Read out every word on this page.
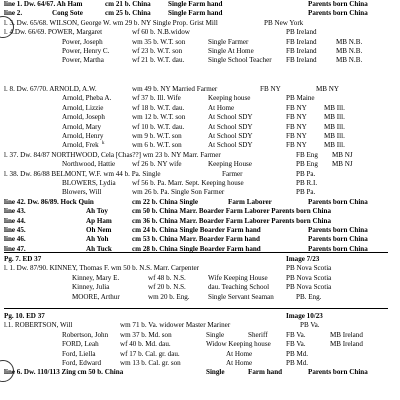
line 1. Dw. 64/67. Ah Ham	cm 21 b. China Single Farm hand	Parents born China
line 2.	Cong Sote	cm 25 b. China Single Farm hand	Parents born China
l. 3. Dw. 65/68. WILSON, George W. wm 29 b. NY Single Prop. Grist Mill	PB New York
l. 4.Dw. 66/69. POWER, Margaret	wf 60 b. N.B.widow	PB Ireland
Power, Joseph	wm 35 b. W.T. son	Single Farmer	FB Ireland	MB N.B.
Power, Henry C.	wf 23 b. W.T. son	Single At Home	FB Ireland	MB N.B.
Power, Martha	wf 21 b. W.T. dau.	Single School Teacher FB Ireland	MB N.B.
l. 8. Dw. 67/70. ARNOLD, A.W.	wm 49 b. NY Married Farmer	FB NY	MB NY
Arnold, Pheba A.	wf 37 b. Ill. Wife	Keeping house	PB Maine
Arnold, Lizzie	wf 18 b. W.T. dau.	At Home	FB NY MB Ill.
Arnold, Joseph	wm 12 b. W.T. son	At School SDY	FB NY MB Ill.
Arnold, Mary	wf 10 b. W.T. dau.	At School SDY	FB NY MB Ill.
Arnold, Henry	wm 9 b. W.T. son	At School SDY	FB NY MB Ill.
Arnold, Frek k	wm 6 b. W.T. son	At School SDY	FB NY MB Ill.
l. 37. Dw. 84/87 NORTHWOOD, Cela [Chas??] wm 23 b. NY Marr. Farmer	FB Eng MB NJ
Northwood, Hattie wf 26 b. NY wife	Keeping House	PB Eng MB NJ
l. 38. Dw. 86/88 BELMONT, W.F. wm 44 b. Pa. Single	Farmer	PB Pa.
BLOWERS, Lydia wf 56 b. Pa. Marr. Sept. Keeping house	PB R.I.
Blowers, Will	wm 26 b. Pa. Single Son Farmer	PB Pa.
line 42. Dw. 86/89. Hock Quin	cm 22 b. China Single	Farm Laborer	Parents born China
line 43.	Ah Toy	cm 50 b. China Marr. Boarder Farm Laborer Parents born China
line 44.	Ap Ham	cm 36 b. China Marr. Boarder Farm Laborer Parents born China
line 45.	Oh Nem	cm 24 b. China Single Boarder Farm hand	Parents born China
line 46.	Ah Yoh	cm 53 b. China Marr. Boarder Farm hand	Parents born China
line 47.	Ah Tuck	cm 28 b. China Single Boarder Farm hand	Parents born China
Pg. 7. ED 37	Image 7/23
l. 1. Dw. 87/90. KINNEY, Thomas F. wm 50 b. N.S. Marr. Carpenter	PB Nova Scotia
Kinney, Mary E.	wf 48 b. N.S.	Wife Keeping House	PB Nova Scotia
Kinney, Julia	wf 20 b. N.S.	dau. Teaching School PB Nova Scotia
MOORE, Arthur	wm 20 b. Eng.	Single Servant Seaman	PB. Eng.
Pg. 10. ED 37	Image 10/23
l.1. ROBERTSON, Will	wm 71 b. Va. widower Master Mariner	PB Va.
Robertson, John wm 37 b. Md. son	Single	Sheriff	FB Va.	MB Ireland
FORD, Leah	wf 40 b. Md. dau.	Widow Keeping house FB Va.	MB Ireland
Ford, Liella	wf 17 b. Cal. gr. dau.	At Home	PB Md.
Ford, Edward	wm 13 b. Cal. gr. son	At Home	PB Md.
line 6. Dw. 110/113 Zing cm 50 b. China	Single	Farm hand	Parents born China
